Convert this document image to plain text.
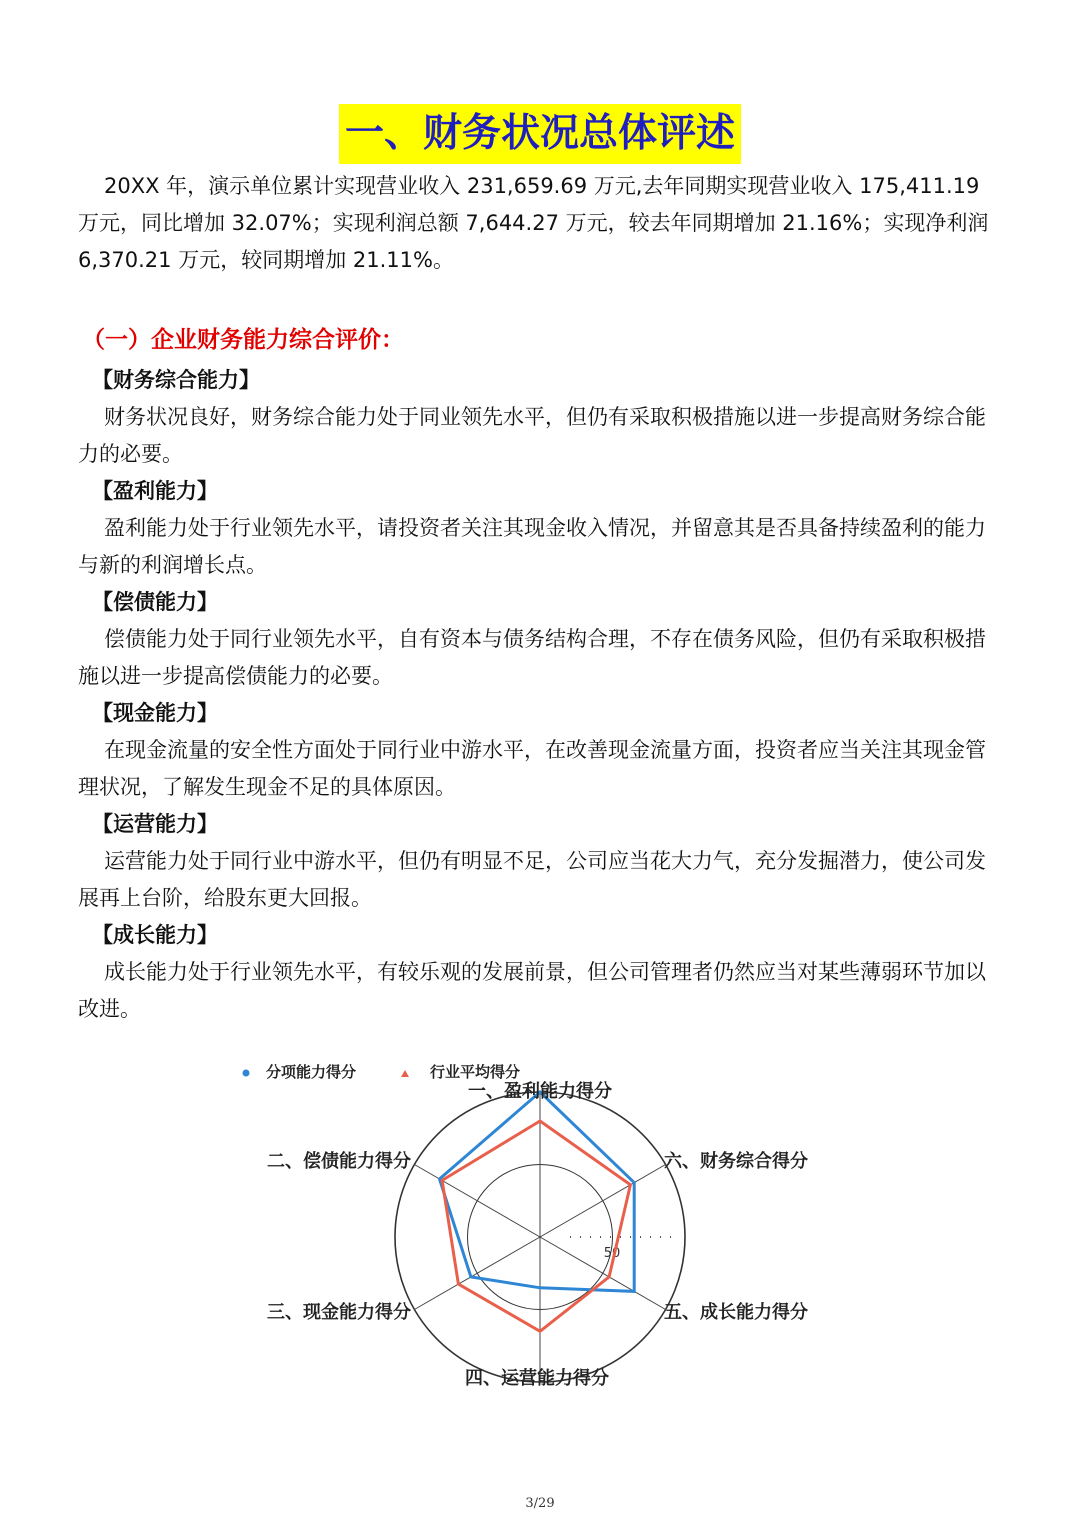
一、财务状况总体评述

20XX 年，演示单位累计实现营业收入 231,659.69 万元,去年同期实现营业收入 175,411.19 万元，同比增加 32.07%；实现利润总额 7,644.27 万元，较去年同期增加 21.16%；实现净利润 6,370.21 万元，较同期增加 21.11%。

（一）企业财务能力综合评价：

【财务综合能力】

财务状况良好，财务综合能力处于同业领先水平，但仍有采取积极措施以进一步提高财务综合能力的必要。

【盈利能力】

盈利能力处于行业领先水平，请投资者关注其现金收入情况，并留意其是否具备持续盈利的能力与新的利润增长点。

【偿债能力】

偿债能力处于同行业领先水平，自有资本与债务结构合理，不存在债务风险，但仍有采取积极措施以进一步提高偿债能力的必要。

【现金能力】

在现金流量的安全性方面处于同行业中游水平，在改善现金流量方面，投资者应当关注其现金管理状况，了解发生现金不足的具体原因。

【运营能力】

运营能力处于同行业中游水平，但仍有明显不足，公司应当花大力气，充分发掘潜力，使公司发展再上台阶，给股东更大回报。

【成长能力】

成长能力处于行业领先水平，有较乐观的发展前景，但公司管理者仍然应当对某些薄弱环节加以改进。

50
一、盈利能力得分
六、财务综合得分
五、成长能力得分
四、运营能力得分
三、现金能力得分
二、偿债能力得分
分项能力得分	行业平均得分
3/29
